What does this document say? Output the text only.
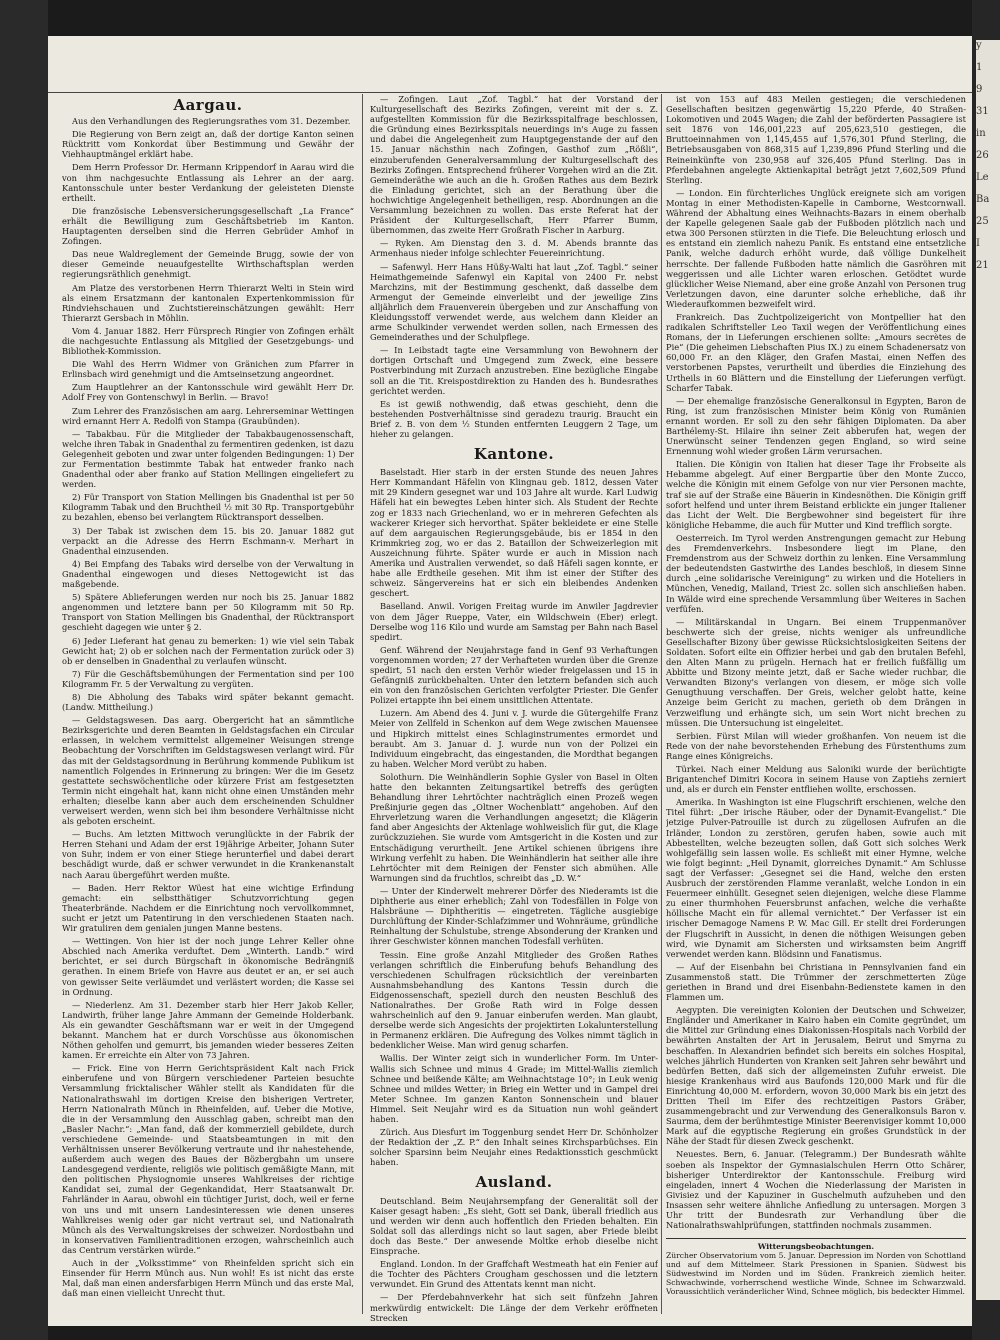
Aargau.

Aus den Verhandlungen des Regierungsrathes vom 31. Dezember.

Die Regierung von Bern zeigt an, daß der dortige Kanton seinen Rücktritt vom Konkordat über Bestimmung und Gewähr der Viehhauptmängel erklärt habe.

Dem Herrn Professor Dr. Hermann Krippendorf in Aarau wird die von ihm nachgesuchte Entlassung als Lehrer an der aarg. Kantonsschule unter bester Verdankung der geleisteten Dienste ertheilt.

Die französische Lebensversicherungsgesellschaft „La France“ erhält die Bewilligung zum Geschäftsbetrieb im Kanton. Hauptagenten derselben sind die Herren Gebrüder Amhof in Zofingen.

Das neue Waldreglement der Gemeinde Brugg, sowie der von dieser Gemeinde neuaufgestellte Wirthschaftsplan werden regierungsräthlich genehmigt.

Am Platze des verstorbenen Herrn Thierarzt Welti in Stein wird als einem Ersatzmann der kantonalen Expertenkommission für Rindviehschauen und Zuchtstiereinschätzungen gewählt: Herr Thierarzt Gersbach in Möhlin.

Vom 4. Januar 1882. Herr Fürsprech Ringier von Zofingen erhält die nachgesuchte Entlassung als Mitglied der Gesetzgebungs- und Bibliothek-Kommission.

Die Wahl des Herrn Widmer von Gränichen zum Pfarrer in Erlinsbach wird genehmigt und die Amtseinsetzung angeordnet.

Zum Hauptlehrer an der Kantonsschule wird gewählt Herr Dr. Adolf Frey von Gontenschwyl in Berlin. — Bravo!

Zum Lehrer des Französischen am aarg. Lehrerseminar Wettingen wird ernannt Herr A. Redolfi von Stampa (Graubünden).

— Tabakbau. Für die Mitglieder der Tabakbaugenossenschaft, welche ihren Tabak in Gnadenthal zu fermentiren gedenken, ist dazu Gelegenheit geboten und zwar unter folgenden Bedingungen: 1) Der zur Fermentation bestimmte Tabak hat entweder franko nach Gnadenthal oder aber franko auf Station Mellingen eingeliefert zu werden.

2) Für Transport von Station Mellingen bis Gnadenthal ist per 50 Kilogramm Tabak und den Bruchtheil ½ mit 30 Rp. Transportgebühr zu bezahlen, ebenso bei verlangtem Rücktransport desselben.

3) Der Tabak ist zwischen dem 15. bis 20. Januar 1882 gut verpackt an die Adresse des Herrn Eschmann-v. Merhart in Gnadenthal einzusenden.

4) Bei Empfang des Tabaks wird derselbe von der Verwaltung in Gnadenthal eingewogen und dieses Nettogewicht ist das maßgebende.

5) Spätere Ablieferungen werden nur noch bis 25. Januar 1882 angenommen und letztere bann per 50 Kilogramm mit 50 Rp. Transport von Station Mellingen bis Gnadenthal, der Rücktransport geschieht dagegen wie unter § 2.

6) Jeder Lieferant hat genau zu bemerken: 1) wie viel sein Tabak Gewicht hat; 2) ob er solchen nach der Fermentation zurück oder 3) ob er denselben in Gnadenthal zu verlaufen wünscht.

7) Für die Geschäftsbemühungen der Fermentation sind per 100 Kilogramm Fr. 5 der Verwaltung zu vergüten.

8) Die Abholung des Tabaks wird später bekannt gemacht. (Landw. Mittheilung.)

— Geldstagswesen. Das aarg. Obergericht hat an sämmtliche Bezirksgerichte und deren Beamten in Geldstagsfachen ein Circular erlassen, in welchem vermittelst allgemeiner Weisungen strenge Beobachtung der Vorschriften im Geldstagswesen verlangt wird. Für das mit der Geldstagsordnung in Berührung kommende Publikum ist namentlich Folgendes in Erinnerung zu bringen: Wer die im Gesetz gestattete sechswöchentliche oder kürzere Frist am festgesetzten Termin nicht eingehalt hat, kann nicht ohne einen Umständen mehr erhalten; dieselbe kann aber auch dem erscheinenden Schuldner verweisert werden, wenn sich bei ihm besondere Verhältnisse nicht als geboten erscheint.

— Buchs. Am letzten Mittwoch verunglückte in der Fabrik der Herren Stehani und Adam der erst 19jährige Arbeiter, Johann Suter von Suhr, indem er von einer Stiege herunterfiel und dabei derart beschädigt wurde, daß er schwer verwundet in die Krankenanstalt nach Aarau übergeführt werden mußte.

— Baden. Herr Rektor Wüest hat eine wichtige Erfindung gemacht: ein selbstthätiger Schutzvorrichtung gegen Theaterbrände. Nachdem er die Einrichtung noch vervollkommnet, sucht er jetzt um Patentirung in den verschiedenen Staaten nach. Wir gratuliren dem genialen jungen Manne bestens.

— Wettingen. Von hier ist der noch junge Lehrer Keller ohne Abschied nach Amerika verduftet. Dem „Winterth. Landb.“ wird berichtet, er sei durch Bürgschaft in ökonomische Bedrängniß gerathen. In einem Briefe von Havre aus deutet er an, er sei auch von gewisser Seite verläumdet und verlästert worden; die Kasse sei in Ordnung.

— Niederlenz. Am 31. Dezember starb hier Herr Jakob Keller, Landwirth, früher lange Jahre Ammann der Gemeinde Holderbank. Als ein gewandter Geschäftsmann war er weit in der Umgegend bekannt. Manchem hat er durch Vorschüsse aus ökonomischen Nöthen geholfen und gemurrt, bis jemanden wieder besseres Zeiten kamen. Er erreichte ein Alter von 73 Jahren.

— Frick. Eine von Herrn Gerichtspräsident Kalt nach Frick einberufene und von Bürgern verschiedener Parteien besuchte Versammlung fricktalischer Wähler stellt als Kandidaten für die Nationalrathswahl im dortigen Kreise den bisherigen Vertreter, Herrn Nationalrath Münch in Rheinfelden, auf. Ueber die Motive, die in der Versammlung den Ausschlag gaben, schreibt man den „Basler Nachr.“: „Man fand, daß der kommerziell gebildete, durch verschiedene Gemeinde- und Staatsbeamtungen in mit den Verhältnissen unserer Bevölkerung vertraute und ihr nahestehende, außerdem auch wegen des Baues der Bözbergbahn um unsere Landesgegend verdiente, religiös wie politisch gemäßigte Mann, mit den politischen Physiognomie unseres Wahlkreises der richtige Kandidat sei, zumal der Gegenkandidat, Herr Staatsanwalt Dr. Fahrländer in Aarau, obwohl ein tüchtiger Jurist, doch, weil er ferne von uns und mit unsern Landesinteressen wie denen unseres Wahlkreises wenig oder gar nicht vertraut sei, und Nationalrath Münch als des Verwaltungskreises der schweizer. Nordostbahn und in konservativen Familientraditionen erzogen, wahrscheinlich auch das Centrum verstärken würde.“

Auch in der „Volksstimme“ von Rheinfelden spricht sich ein Einsender für Herrn Münch aus. Nun wohl! Es ist nicht das erste Mal, daß man einen andersfarbigen Herrn Münch und das erste Mal, daß man einen vielleicht Unrecht thut.

— Zofingen. Laut „Zof. Tagbl.“ hat der Vorstand der Kulturgesellschaft des Bezirks Zofingen, vereint mit der s. Z. aufgestellten Kommission für die Bezirksspitalfrage beschlossen, die Gründung eines Bezirksspitals neuerdings in's Auge zu fassen und dabei die Angelegenheit zum Hauptgegenstande der auf den 15. Januar nächsthin nach Zofingen, Gasthof zum „Rößli“, einzuberufenden Generalversammlung der Kulturgesellschaft des Bezirks Zofingen. Entsprechend früherer Vorgehen wird an die Zit. Gemeinderäthe wie auch an die h. Großen Rathes aus dem Bezirk die Einladung gerichtet, sich an der Berathung über die hochwichtige Angelegenheit betheiligen, resp. Abordnungen an die Versammlung bezeichnen zu wollen. Das erste Referat hat der Präsident der Kulturgesellschaft, Herr Pfarrer Bumm, übernommen, das zweite Herr Großrath Fischer in Aarburg.

— Ryken. Am Dienstag den 3. d. M. Abends brannte das Armenhaus nieder infolge schlechter Feuereinrichtung.

— Safenwyl. Herr Hans Hüßy-Walti hat laut „Zof. Tagbl.“ seiner Heimathgemeinde Safenwyl ein Kapital von 2400 Fr. nebst Marchzins, mit der Bestimmung geschenkt, daß dasselbe dem Armengut der Gemeinde einverleibt und der jeweilige Zins alljährlich dem Frauenverein übergeben und zur Anschaffung von Kleidungsstoff verwendet werde, aus welchem dann Kleider an arme Schulkinder verwendet werden sollen, nach Ermessen des Gemeinderathes und der Schulpflege.

— In Leibstadt tagte eine Versammlung von Bewohnern der dortigen Ortschaft und Umgegend zum Zweck, eine bessere Postverbindung mit Zurzach anzustreben. Eine bezügliche Eingabe soll an die Tit. Kreispostdirektion zu Handen des h. Bundesrathes gerichtet werden.

Es ist gewiß nothwendig, daß etwas geschieht, denn die bestehenden Postverhältnisse sind geradezu traurig. Braucht ein Brief z. B. von dem ½ Stunden entfernten Leuggern 2 Tage, um hieher zu gelangen.

Kantone.

Baselstadt. Hier starb in der ersten Stunde des neuen Jahres Herr Kommandant Häfelin von Klingnau geb. 1812, dessen Vater mit 29 Kindern gesegnet war und 103 Jahre alt wurde. Karl Ludwig Häfeli hat ein bewegtes Leben hinter sich. Als Student der Rechte zog er 1833 nach Griechenland, wo er in mehreren Gefechten als wackerer Krieger sich hervorthat. Später bekleidete er eine Stelle auf dem aargauischen Regierungsgebäude, bis er 1854 in den Krimmkrieg zog, wo er das 2. Bataillon der Schweizerlegion mit Auszeichnung führte. Später wurde er auch in Mission nach Amerika und Australien verwendet, so daß Häfeli sagen konnte, er habe alle Erdtheile gesehen. Mit ihm ist einer der Stifter des schweiz. Sängervereins hat er sich ein bleibendes Andenken geschert.

Baselland. Anwil. Vorigen Freitag wurde im Anwiler Jagdrevier von dem Jäger Rueppe, Vater, ein Wildschwein (Eber) erlegt. Derselbe wog 116 Kilo und wurde am Samstag per Bahn nach Basel spedirt.

Genf. Während der Neujahrstage fand in Genf 93 Verhaftungen vorgenommen worden; 27 der Verhafteten wurden über die Grenze spedirt, 51 nach den ersten Verhör wieder freigelassen und 15 in Gefängniß zurückbehalten. Unter den letztern befanden sich auch ein von den französischen Gerichten verfolgter Priester. Die Genfer Polizei ertappte ihn bei einem unsittlichen Attentate.

Luzern. Am Abend des 4. Juni v. J. wurde die Gütergehilfe Franz Meier von Zellfeld in Schenkon auf dem Wege zwischen Mauensee und Hipkirch mittelst eines Schlaginstrumentes ermordet und beraubt. Am 3. Januar d. J. wurde nun von der Polizei ein Individuum eingebracht, das eingestanden, die Mordthat begangen zu haben. Welcher Mord verübt zu haben.

Solothurn. Die Weinhändlerin Sophie Gysler von Basel in Olten hatte den bekannten Zeitungsartikel betreffs des gerügten Behandlung ihrer Lehrtöchter nachträglich einen Prozeß wegen Preßinjurie gegen das „Oltner Wochenblatt“ angehoben. Auf den Ehrverletzung waren die Verhandlungen angesetzt; die Klägerin fand aber Angesichts der Aktenlage wohlweislich für gut, die Klage zurückzuziehen. Sie wurde vom Amtsgericht in die Kosten und zur Entschädigung verurtheilt. Jene Artikel schienen übrigens ihre Wirkung verfehlt zu haben. Die Weinhändlerin hat seither alle ihre Lehrtöchter mit dem Reinigen der Fenster sich abmühen. Alle Warnungen sind da fruchtlos, schreibt das „D. W.“

— Unter der Kinderwelt mehrerer Dörfer des Niederamts ist die Diphtherie aus einer erheblich; Zahl von Todesfällen in Folge von Halsbräune — Diphtheritis — eingetreten. Tägliche ausgiebige Durchlüftung der Kinder-Schlafzimmer und Wohnräume, gründliche Reinhaltung der Schulstube, strenge Absonderung der Kranken und ihrer Geschwister können manchen Todesfall verhüten.

Tessin. Eine große Anzahl Mitglieder des Großen Rathes verlangen schriftlich die Einberufung behufs Behandlung des verschiedenen Schulfragen rücksichtlich der vereinbarten Ausnahmsbehandlung des Kantons Tessin durch die Eidgenossenschaft, speziell durch den neusten Beschluß des Nationalrathes. Der Große Rath wird in Folge dessen wahrscheinlich auf den 9. Januar einberufen werden. Man glaubt, derselbe werde sich Angesichts der projektirten Lokalunterstellung in Permanenz erklären. Die Aufregung des Volkes nimmt täglich in bedenklicher Weise. Man wird genug scharfen.

Wallis. Der Winter zeigt sich in wunderlicher Form. Im Unter-Wallis sich Schnee und minus 4 Grade; im Mittel-Wallis ziemlich Schnee und beißende Kälte; am Weihnachtstage 10°; in Leuk wenig Schnee und mildes Wetter; in Brieg ein Wetter und in Gampel drei Meter Schnee. Im ganzen Kanton Sonnenschein und blauer Himmel. Seit Neujahr wird es da Situation nun wohl geändert haben.

Zürich. Aus Diesfurt im Toggenburg sendet Herr Dr. Schönholzer der Redaktion der „Z. P.“ den Inhalt seines Kirchsparbüchses. Ein solcher Sparsinn beim Neujahr eines Redaktionsstich geschmückt haben.

Ausland.

Deutschland. Beim Neujahrsempfang der Generalität soll der Kaiser gesagt haben: „Es sieht, Gott sei Dank, überall friedlich aus und werden wir denn auch hoffentlich den Frieden behalten. Ein Soldat soll das allerdings nicht so laut sagen, aber Friede bleibt doch das Beste.“ Der anwesende Moltke erhob dieselbe nicht Einsprache.

England. London. In der Graffchaft Westmeath hat ein Fenier auf die Tochter des Pächters Crougham geschossen und die letztern verwundet. Ein Grund des Attentats kennt man nicht.

— Der Pferdebahnverkehr hat sich seit fünfzehn Jahren merkwürdig entwickelt: Die Länge der dem Verkehr eröffneten Strecken

ist von 153 auf 483 Meilen gestiegen; die verschiedenen Gesellschaften besitzen gegenwärtig 15,220 Pferde, 40 Straßen-Lokomotiven und 2045 Wagen; die Zahl der beförderten Passagiere ist seit 1876 von 146,001,223 auf 205,623,510 gestiegen, die Bruttoeinnahmen von 1,145,455 auf 1,576,301 Pfund Sterling, die Betriebsausgaben von 868,315 auf 1,239,896 Pfund Sterling und die Reineinkünfte von 230,958 auf 326,405 Pfund Sterling. Das in Pferdebahnen angelegte Aktienkapital beträgt jetzt 7,602,509 Pfund Sterling.

— London. Ein fürchterliches Unglück ereignete sich am vorigen Montag in einer Methodisten-Kapelle in Camborne, Westcornwall. Während der Abhaltung eines Weihnachts-Bazars in einem oberhalb der Kapelle gelegenen Saale gab der Fußboden plötzlich nach und etwa 300 Personen stürzten in die Tiefe. Die Beleuchtung erlosch und es entstand ein ziemlich nahezu Panik. Es entstand eine entsetzliche Panik, welche dadurch erhöht wurde, daß völlige Dunkelheit herrschte. Der fallende Fußboden hatte nämlich die Gasröhren mit weggerissen und alle Lichter waren erloschen. Getödtet wurde glücklicher Weise Niemand, aber eine große Anzahl von Personen trug Verletzungen davon, eine darunter solche erhebliche, daß ihr Wiederaufkommen bezweifelt wird.

Frankreich. Das Zuchtpolizeigericht von Montpellier hat den radikalen Schriftsteller Leo Taxil wegen der Veröffentlichung eines Romans, der in Lieferungen erschienen sollte: „Amours secrètes de Pie“ (Die geheimen Liebschaften Pius IX.) zu einem Schadenersatz von 60,000 Fr. an den Kläger, den Grafen Mastai, einen Neffen des verstorbenen Papstes, verurtheilt und überdies die Einziehung des Urtheils in 60 Blättern und die Einstellung der Lieferungen verfügt. Scharfer Tabak.

— Der ehemalige französische Generalkonsul in Egypten, Baron de Ring, ist zum französischen Minister beim König von Rumänien ernannt worden. Er soll zu den sehr fähigen Diplomaten. Da aber Barthélemy-St. Hilaire ihn seiner Zeit abberufen hat, wegen der Unerwünscht seiner Tendenzen gegen England, so wird seine Ernennung wohl wieder großen Lärm verursachen.

Italien. Die Königin von Italien hat dieser Tage ihr Frobseite als Hebamme abgelegt. Auf einer Bergpartie über den Monte Zucco, welche die Königin mit einem Gefolge von nur vier Personen machte, traf sie auf der Straße eine Bäuerin in Kindesnöthen. Die Königin griff sofort helfend und unter ihrem Beistand erblickte ein junger Italiener das Licht der Welt. Die Bergbewohner sind begeistert für ihre königliche Hebamme, die auch für Mutter und Kind trefflich sorgte.

Oesterreich. Im Tyrol werden Anstrengungen gemacht zur Hebung des Fremdenverkehrs. Insbesondere liegt im Plane, den Fremdenstrom aus der Schweiz dorthin zu lenken. Eine Versammlung der bedeutendsten Gastwirthe des Landes beschloß, in diesem Sinne durch „eine solidarische Vereinigung“ zu wirken und die Hoteliers in München, Venedig, Mailand, Triest 2c. sollen sich anschließen haben. In Wälde wird eine sprechende Versammlung über Weiteres in Sachen verfüfen.

— Militärskandal in Ungarn. Bei einem Truppenmanöver beschwerte sich der greise, nichts weniger als unfreundliche Gesellschafter Bizony über gewisse Rücksichtslosigkeiten Seitens der Soldaten. Sofort eilte ein Offizier herbei und gab den brutalen Befehl, den Alten Mann zu prügeln. Hernach hat er freilich fußfällig um Abbitte und Bizony meinte jetzt, daß er Sache wieder ruchbar, die Verwandten Bizony's verlangen von diesem, er möge sich volle Genugthuung verschaffen. Der Greis, welcher gelobt hatte, keine Anzeige beim Gericht zu machen, gerieth ob dem Drängen in Verzweiflung und erhängte sich, um sein Wort nicht brechen zu müssen. Die Untersuchung ist eingeleitet.

Serbien. Fürst Milan will wieder großhanfen. Von neuem ist die Rede von der nahe bevorstehenden Erhebung des Fürstenthums zum Range eines Königreichs.

Türkei. Nach einer Meldung aus Saloniki wurde der berüchtigte Brigantenchef Dimitri Kocora in seinem Hause von Zaptiehs zerniert und, als er durch ein Fenster entfliehen wollte, erschossen.

Amerika. In Washington ist eine Flugschrift erschienen, welche den Titel führt: „Der irische Räuber, oder der Dynamit-Evangelist.“ Die jetzige Pulver-Patrouille ist durch zu zügellosen Aufrufen an die Irländer, London zu zerstören, gerufen haben, sowie auch mit Abbestellten, welche bezeugten sollen, daß Gott sich solches Werk wohlgefällig sein lassen wolle. Es schließt mit einer Hymne, welche wie folgt beginnt: „Heil Dynamit, glorreiches Dynamit.“ Am Schlusse sagt der Verfasser: „Gesegnet sei die Hand, welche den ersten Ausbruch der zerstörenden Flamme veranlaßt, welche London in ein Feuermeer einhüllt. Gesegnet seien diejenigen, welche diese Flamme zu einer thurmhohen Feuersbrunst anfachen, welche die verhaßte höllische Macht ein für allemal vernichtet.“ Der Verfasser ist ein irischer Demagoge Namens P. W. Mac Gill. Er stellt drei Forderungen der Flugschrift in Aussicht, in denen die nöthigen Weisungen geben wird, wie Dynamit am Sichersten und wirksamsten beim Angriff verwendet werden kann. Blödsinn und Fanatismus.

— Auf der Eisenbahn bei Christiana in Pennsylvanien fand ein Zusammenstoß statt. Die Trümmer der zerschmetterten Züge geriethen in Brand und drei Eisenbahn-Bedienstete kamen in den Flammen um.

Aegypten. Die vereinigten Kolonien der Deutschen und Schweizer, Engländer und Amerikaner in Kairo haben ein Comite gegründet, um die Mittel zur Gründung eines Diakonissen-Hospitals nach Vorbild der bewährten Anstalten der Art in Jerusalem, Beirut und Smyrna zu beschaffen. In Alexandrien befindet sich bereits ein solches Hospital, welches jährlich Hunderten von Kranken seit Jahren sehr bewährt und bedürfen Betten, daß sich der allgemeinsten Zufuhr erweist. Die hiesige Krankenhaus wird aus Baufonds 120,000 Mark und für die Einrichtung 40,000 M. erfordern, wovon 30,000 Mark bis ein jetzt des Dritten Theil im Eifer des rechtzeitigen Pastors Gräber, zusammengebracht und zur Verwendung des Generalkonsuls Baron v. Saurma, dem der berühmtestige Minister Beerenvisiger kommt 10,000 Mark auf die egyptische Regierung ein großes Grundstück in der Nähe der Stadt für diesen Zweck geschenkt.

Neuestes. Bern, 6. Januar. (Telegramm.) Der Bundesrath wählte soeben als Inspektor der Gymnasialschulen Herrn Otto Schärer, bisheriger Unterdirektor der Kantonsschule. Freiburg wird eingeladen, innert 4 Wochen die Niederlassung der Maristen in Givisiez und der Kapuziner in Guschelmuth aufzuheben und den Insassen sehr weitere ähnliche Anfiedlung zu untersagen. Morgen 3 Uhr tritt der Bundesrath zur Verhandlung über die Nationalrathswahlprüfungen, stattfinden nochmals zusammen.

Witterungsbeobachtungen.
Zürcher Observatorium vom 5. Januar. Depression im Norden von Schottland und auf dem Mittelmeer. Stark Pressionen in Spanien. Südwest bis Südwestwind im Norden und im Süden. Frankreich ziemlich heiter. Schwachwinde, vorherrschend westliche Winde, Schnee im Schwarzwald. Voraussichtlich veränderlicher Wind, Schnee möglich, bis bedeckter Himmel.
y
1
9
31
in
26
Le
Ba
25
I
21
